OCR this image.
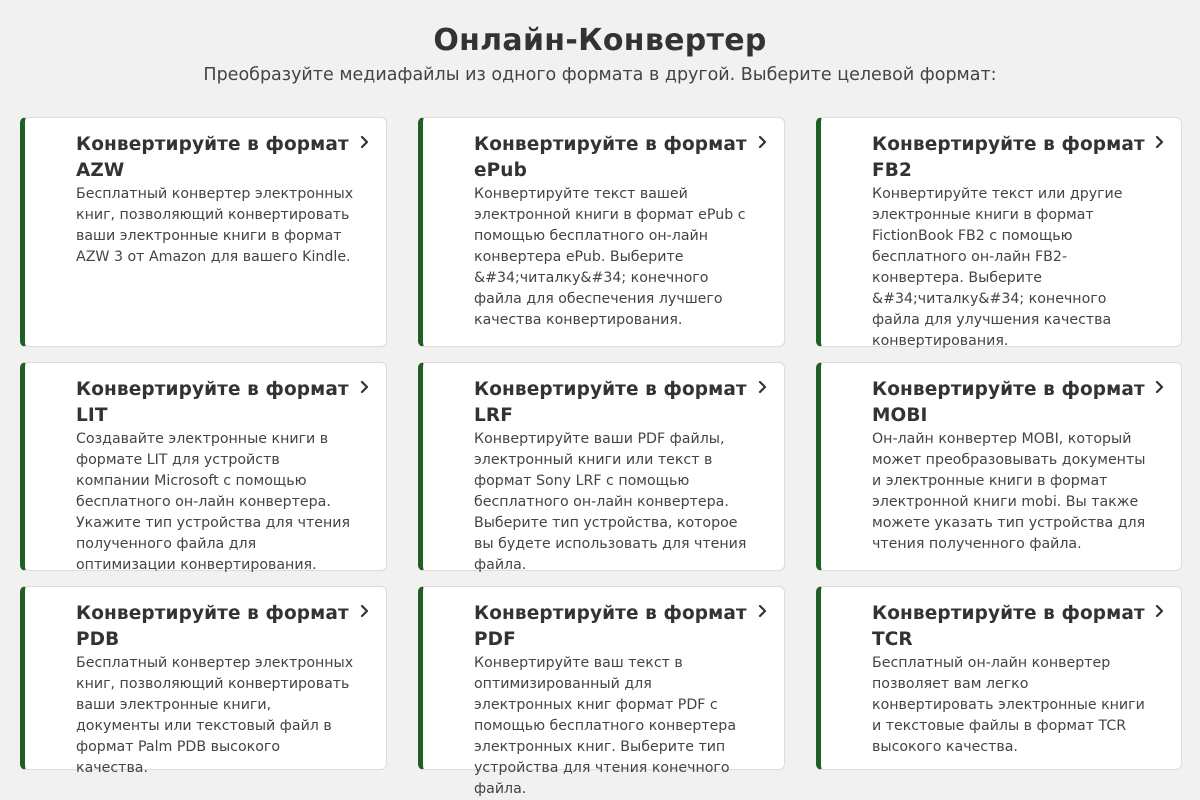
Онлайн-Конвертер

Преобразуйте медиафайлы из одного формата в другой. Выберите целевой формат:

Конвертируйте в формат AZW

Бесплатный конвертер электронных книг, позволяющий конвертировать ваши электронные книги в формат AZW 3 от Amazon для вашего Kindle.

Конвертируйте в формат ePub

Конвертируйте текст вашей электронной книги в формат ePub с помощью бесплатного он-лайн конвертера ePub. Выберите &#34;читалку&#34; конечного файла для обеспечения лучшего качества конвертирования.

Конвертируйте в формат FB2

Конвертируйте текст или другие электронные книги в формат FictionBook FB2 с помощью бесплатного он-лайн FB2-конвертера. Выберите &#34;читалку&#34; конечного файла для улучшения качества конвертирования.

Конвертируйте в формат LIT

Создавайте электронные книги в формате LIT для устройств компании Microsoft с помощью бесплатного он-лайн конвертера. Укажите тип устройства для чтения полученного файла для оптимизации конвертирования.

Конвертируйте в формат LRF

Конвертируйте ваши PDF файлы, электронный книги или текст в формат Sony LRF с помощью бесплатного он-лайн конвертера. Выберите тип устройства, которое вы будете использовать для чтения файла.

Конвертируйте в формат MOBI

Он-лайн конвертер MOBI, который может преобразовывать документы и электронные книги в формат электронной книги mobi. Вы также можете указать тип устройства для чтения полученного файла.

Конвертируйте в формат PDB

Бесплатный конвертер электронных книг, позволяющий конвертировать ваши электронные книги, документы или текстовый файл в формат Palm PDB высокого качества.

Конвертируйте в формат PDF

Конвертируйте ваш текст в оптимизированный для электронных книг формат PDF с помощью бесплатного конвертера электронных книг. Выберите тип устройства для чтения конечного файла.

Конвертируйте в формат TCR

Бесплатный он-лайн конвертер позволяет вам легко конвертировать электронные книги и текстовые файлы в формат TCR высокого качества.
